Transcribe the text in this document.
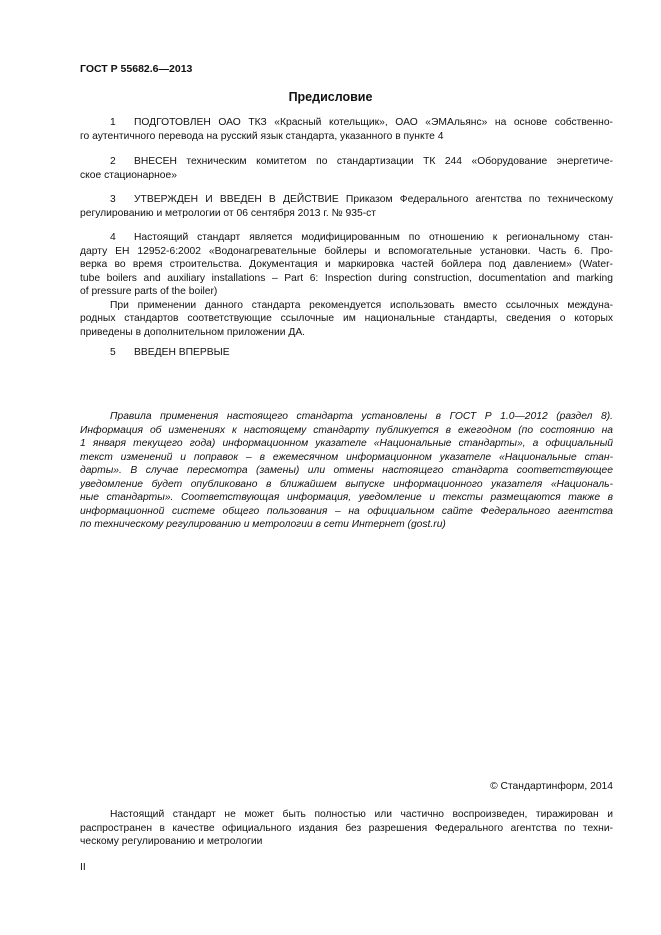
ГОСТ Р 55682.6—2013
Предисловие
1 ПОДГОТОВЛЕН ОАО ТКЗ «Красный котельщик», ОАО «ЭМАльянс» на основе собственно-
го аутентичного перевода на русский язык стандарта, указанного в пункте 4
2 ВНЕСЕН техническим комитетом по стандартизации ТК 244 «Оборудование энергетиче-
ское стационарное»
3 УТВЕРЖДЕН И ВВЕДЕН В ДЕЙСТВИЕ Приказом Федерального агентства по техническому
регулированию и метрологии от 06 сентября 2013 г. № 935-ст
4 Настоящий стандарт является модифицированным по отношению к региональному стан-
дарту ЕН 12952-6:2002 «Водонагревательные бойлеры и вспомогательные установки. Часть 6. Про-
верка во время строительства. Документация и маркировка частей бойлера под давлением» (Water-
tube boilers and auxiliary installations – Part 6: Inspection during construction, documentation and marking
of pressure parts of the boiler)
При применении данного стандарта рекомендуется использовать вместо ссылочных междуна-
родных стандартов соответствующие ссылочные им национальные стандарты, сведения о которых
приведены в дополнительном приложении ДА.
5 ВВЕДЕН ВПЕРВЫЕ
Правила применения настоящего стандарта установлены в ГОСТ Р 1.0—2012 (раздел 8).
Информация об изменениях к настоящему стандарту публикуется в ежегодном (по состоянию на
1 января текущего года) информационном указателе «Национальные стандарты», а официальный
текст изменений и поправок – в ежемесячном информационном указателе «Национальные стан-
дарты». В случае пересмотра (замены) или отмены настоящего стандарта соответствующее
уведомление будет опубликовано в ближайшем выпуске информационного указателя «Националь-
ные стандарты». Соответствующая информация, уведомление и тексты размещаются также в
информационной системе общего пользования – на официальном сайте Федерального агентства
по техническому регулированию и метрологии в сети Интернет (gost.ru)
© Стандартинформ, 2014
Настоящий стандарт не может быть полностью или частично воспроизведен, тиражирован и
распространен в качестве официального издания без разрешения Федерального агентства по техни-
ческому регулированию и метрологии
II
